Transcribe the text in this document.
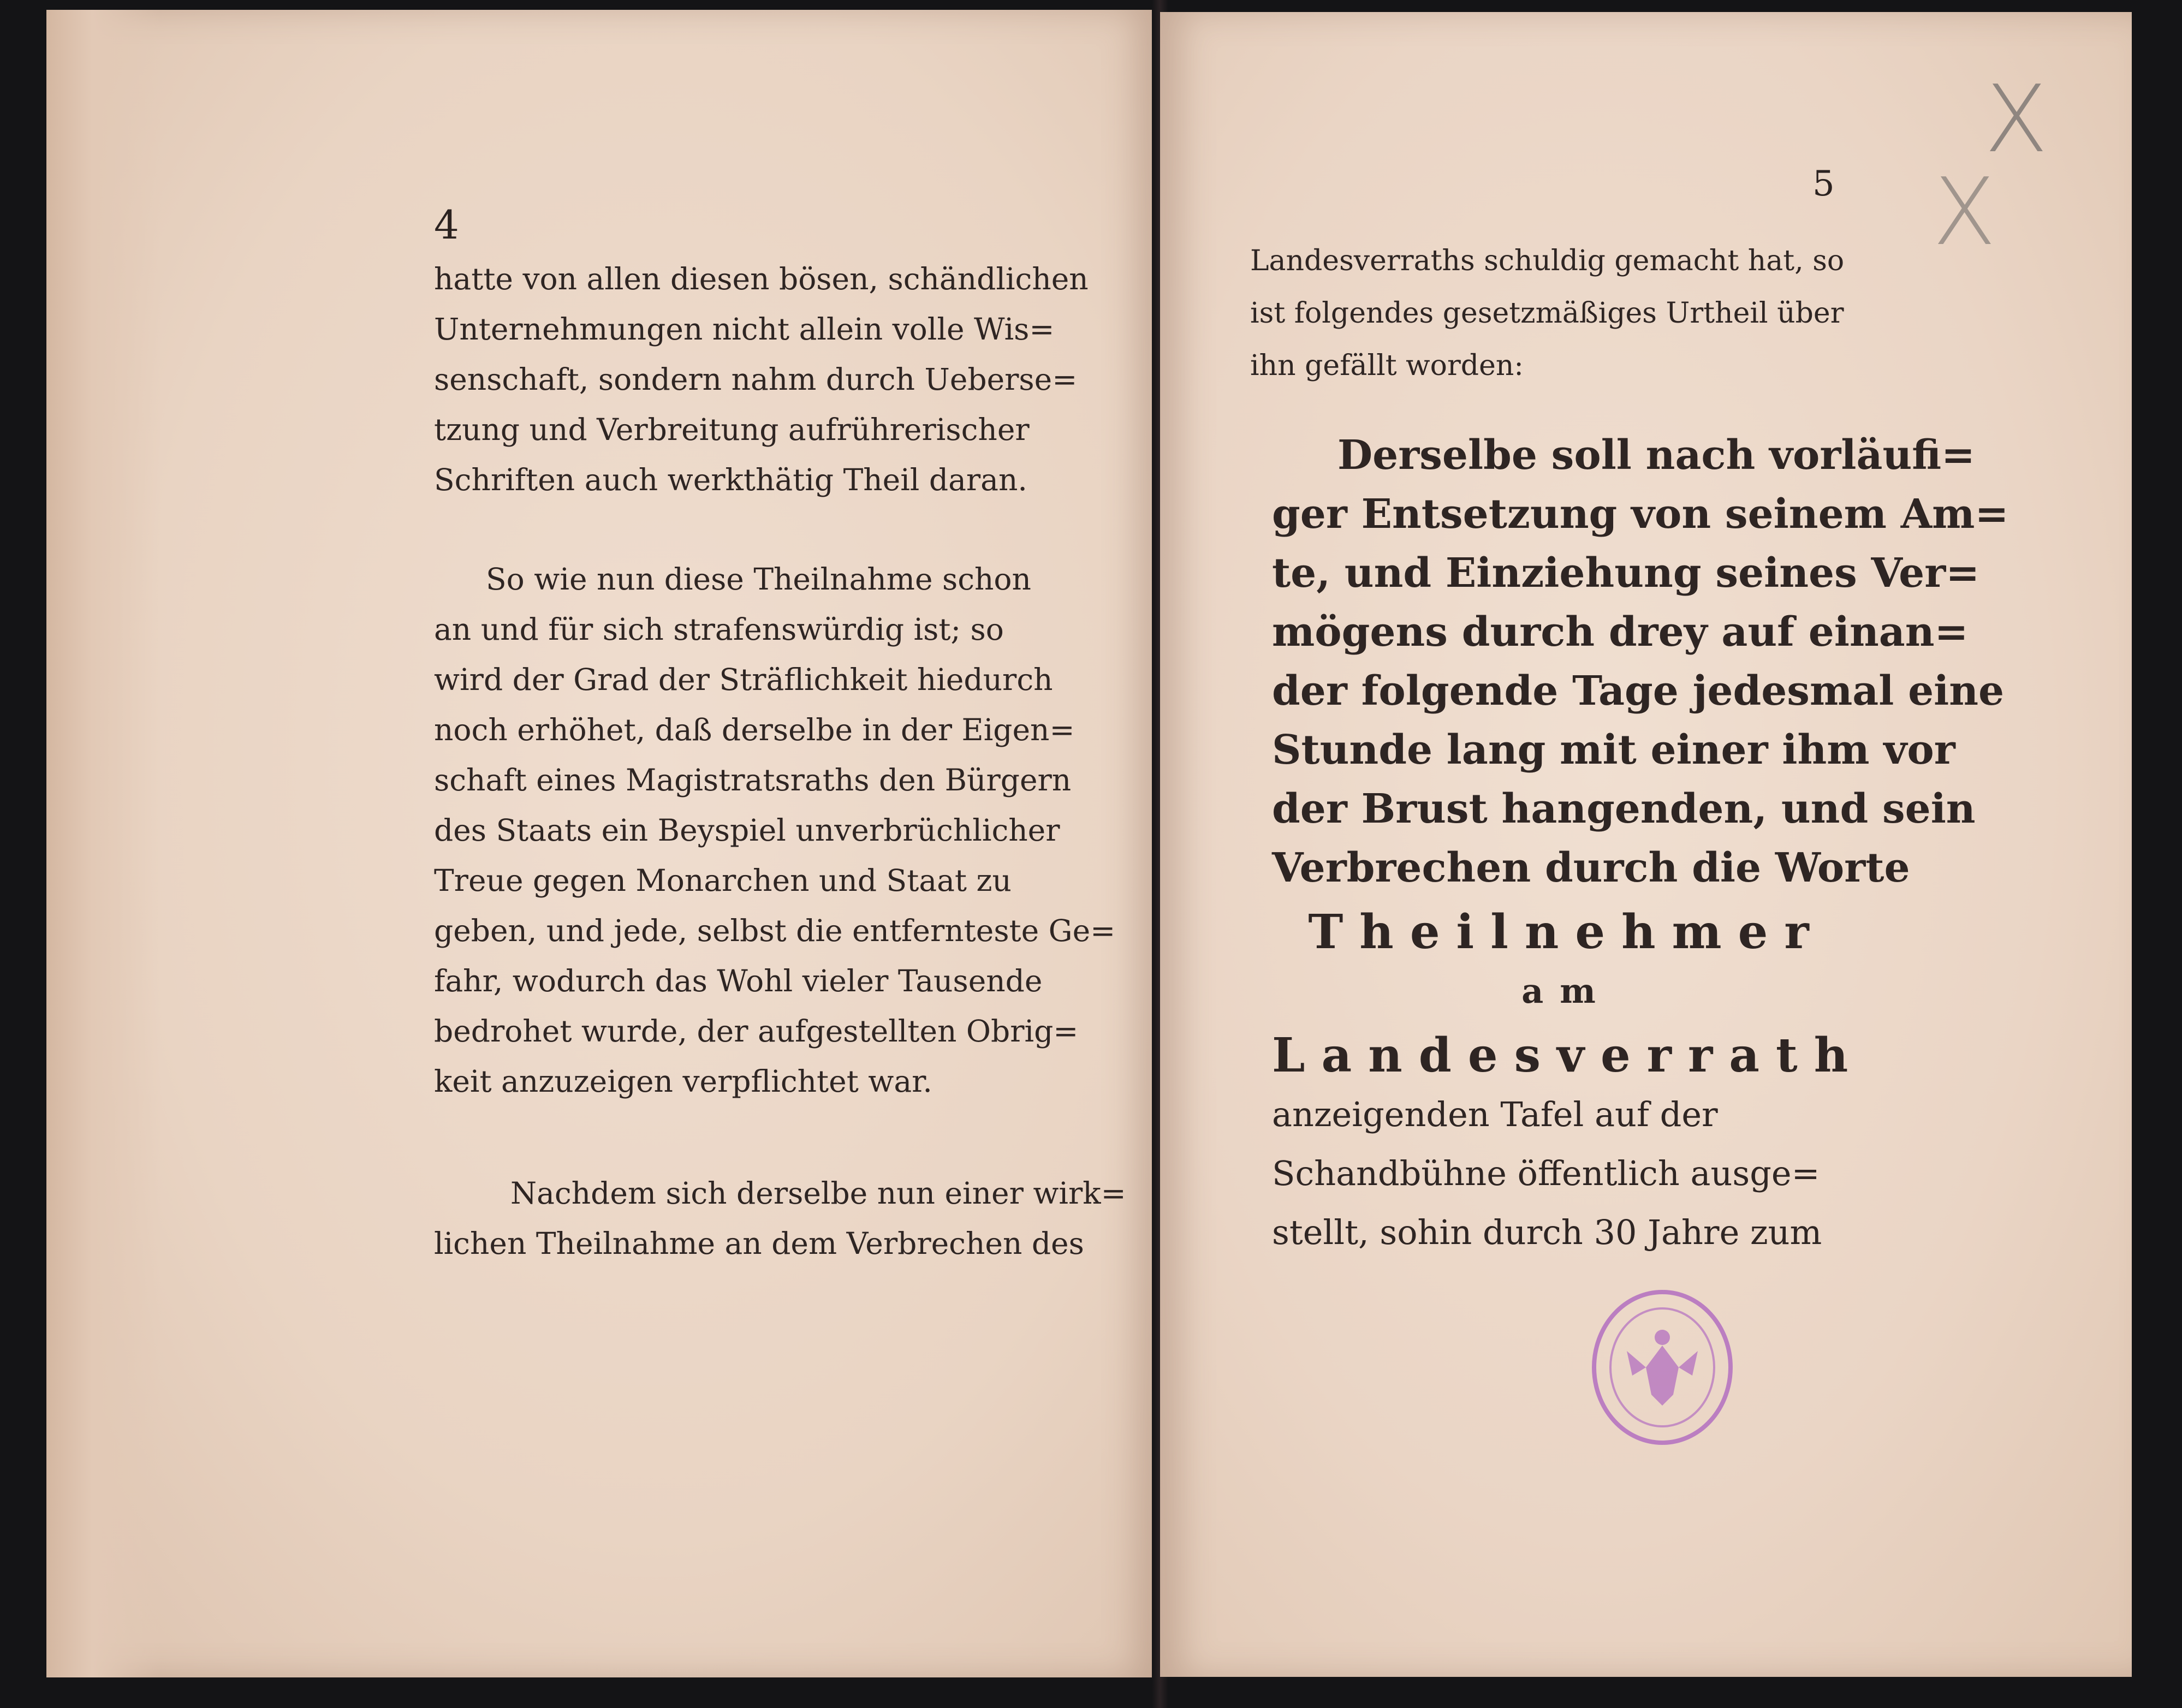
4
hatte von allen diesen bösen, schändlichen
Unternehmungen nicht allein volle Wis=
senschaft, sondern nahm durch Ueberse=
tzung und Verbreitung aufrührerischer
Schriften auch werkthätig Theil daran.
So wie nun diese Theilnahme schon
an und für sich strafenswürdig ist; so
wird der Grad der Sträflichkeit hiedurch
noch erhöhet, daß derselbe in der Eigen=
schaft eines Magistratsraths den Bürgern
des Staats ein Beyspiel unverbrüchlicher
Treue gegen Monarchen und Staat zu
geben, und jede, selbst die entfernteste Ge=
fahr, wodurch das Wohl vieler Tausende
bedrohet wurde, der aufgestellten Obrig=
keit anzuzeigen verpflichtet war.
Nachdem sich derselbe nun einer wirk=
lichen Theilnahme an dem Verbrechen des
5
Landesverraths schuldig gemacht hat, so
ist folgendes gesetzmäßiges Urtheil über
ihn gefällt worden:
Derselbe soll nach vorläufi=
ger Entsetzung von seinem Am=
te, und Einziehung seines Ver=
mögens durch drey auf einan=
der folgende Tage jedesmal eine
Stunde lang mit einer ihm vor
der Brust hangenden, und sein
Verbrechen durch die Worte
Theilnehmer
am
Landesverrath
anzeigenden Tafel auf der
Schandbühne öffentlich ausge=
stellt, sohin durch 30 Jahre zum
X
X
